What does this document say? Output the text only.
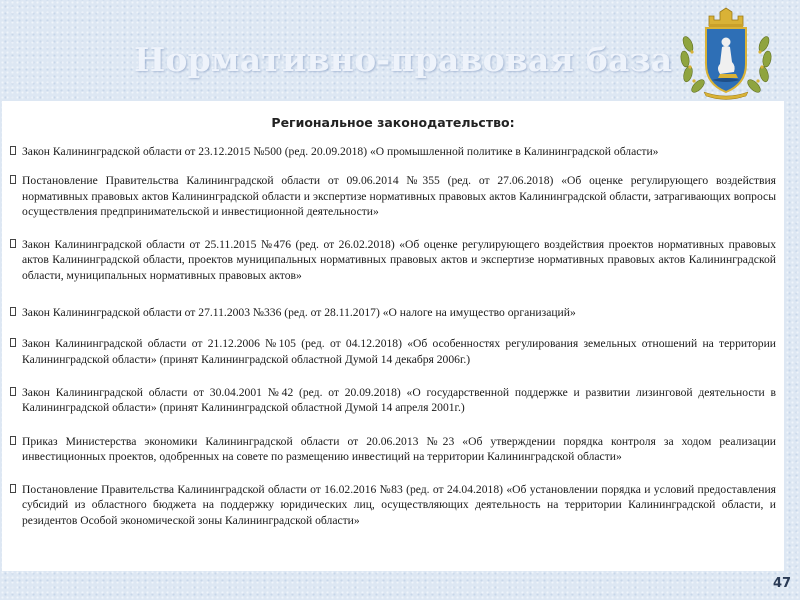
Нормативно-правовая база
Региональное законодательство:
Закон Калининградской области от 23.12.2015 №500 (ред. 20.09.2018) «О промышленной политике в Калининградской области»
Постановление Правительства Калининградской области от 09.06.2014 №355 (ред. от 27.06.2018) «Об оценке регулирующего воздействия нормативных правовых актов Калининградской области и экспертизе нормативных правовых актов Калининградской области, затрагивающих вопросы осуществления предпринимательской и инвестиционной деятельности»
Закон Калининградской области от 25.11.2015 №476 (ред. от 26.02.2018) «Об оценке регулирующего воздействия проектов нормативных правовых актов Калининградской области, проектов муниципальных нормативных правовых актов и экспертизе нормативных правовых актов Калининградской области, муниципальных нормативных правовых актов»
Закон Калининградской области от 27.11.2003 №336 (ред. от 28.11.2017) «О налоге на имущество организаций»
Закон Калининградской области от 21.12.2006 №105 (ред. от 04.12.2018) «Об особенностях регулирования земельных отношений на территории Калининградской области» (принят Калининградской областной Думой 14 декабря 2006г.)
Закон Калининградской области от 30.04.2001 №42 (ред. от 20.09.2018) «О государственной поддержке и развитии лизинговой деятельности в Калининградской области» (принят Калининградской областной Думой 14 апреля 2001г.)
Приказ Министерства экономики Калининградской области от 20.06.2013 №23 «Об утверждении порядка контроля за ходом реализации инвестиционных проектов, одобренных на совете по размещению инвестиций на территории Калининградской области»
Постановление Правительства Калининградской области от 16.02.2016 №83 (ред. от 24.04.2018) «Об установлении порядка и условий предоставления субсидий из областного бюджета на поддержку юридических лиц, осуществляющих деятельность на территории Калининградской области, и резидентов Особой экономической зоны Калининградской области»
47
